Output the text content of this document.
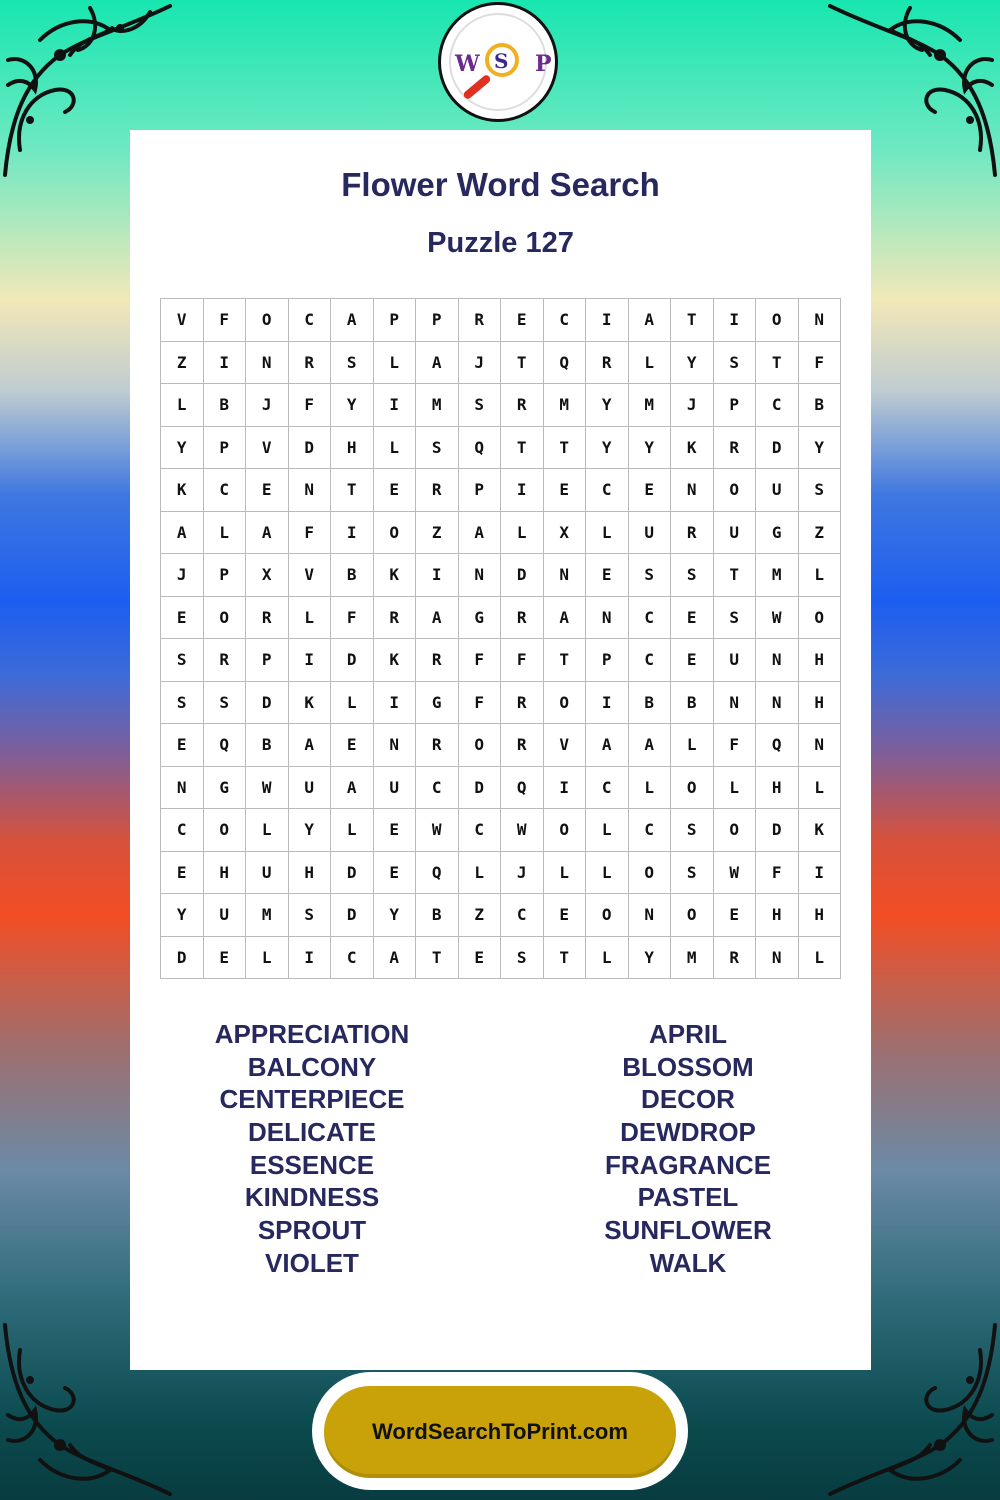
W S P
Flower Word Search
Puzzle 127
V	F	O	C	A	P	P	R	E	C	I	A	T	I	O	N
Z	I	N	R	S	L	A	J	T	Q	R	L	Y	S	T	F
L	B	J	F	Y	I	M	S	R	M	Y	M	J	P	C	B
Y	P	V	D	H	L	S	Q	T	T	Y	Y	K	R	D	Y
K	C	E	N	T	E	R	P	I	E	C	E	N	O	U	S
A	L	A	F	I	O	Z	A	L	X	L	U	R	U	G	Z
J	P	X	V	B	K	I	N	D	N	E	S	S	T	M	L
E	O	R	L	F	R	A	G	R	A	N	C	E	S	W	O
S	R	P	I	D	K	R	F	F	T	P	C	E	U	N	H
S	S	D	K	L	I	G	F	R	O	I	B	B	N	N	H
E	Q	B	A	E	N	R	O	R	V	A	A	L	F	Q	N
N	G	W	U	A	U	C	D	Q	I	C	L	O	L	H	L
C	O	L	Y	L	E	W	C	W	O	L	C	S	O	D	K
E	H	U	H	D	E	Q	L	J	L	L	O	S	W	F	I
Y	U	M	S	D	Y	B	Z	C	E	O	N	O	E	H	H
D	E	L	I	C	A	T	E	S	T	L	Y	M	R	N	L
APPRECIATION
BALCONY
CENTERPIECE
DELICATE
ESSENCE
KINDNESS
SPROUT
VIOLET
APRIL
BLOSSOM
DECOR
DEWDROP
FRAGRANCE
PASTEL
SUNFLOWER
WALK
WordSearchToPrint.com
